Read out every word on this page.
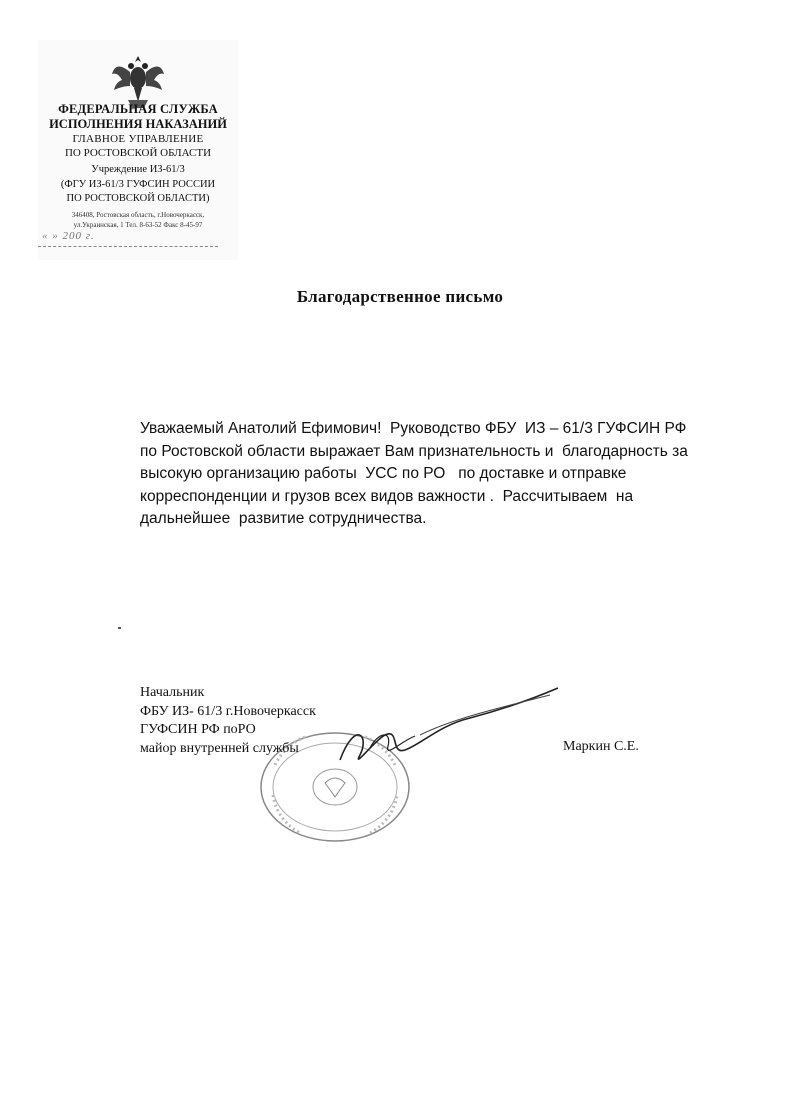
ФЕДЕРАЛЬНАЯ СЛУЖБА
ИСПОЛНЕНИЯ НАКАЗАНИЙ
ГЛАВНОЕ УПРАВЛЕНИЕ
ПО РОСТОВСКОЙ ОБЛАСТИ
Учреждение ИЗ-61/3
(ФГУ ИЗ-61/3 ГУФСИН РОССИИ
ПО РОСТОВСКОЙ ОБЛАСТИ)
346408, Ростовская область, г.Новочеркасск,
ул.Украинская, 1 Тел. 8-63-52 Факс 8-45-97
« » 200 г.
Благодарственное письмо
Уважаемый Анатолий Ефимович!  Руководство ФБУ  ИЗ – 61/3 ГУФСИН РФ
по Ростовской области выражает Вам признательность и  благодарность за
высокую организацию работы  УСС по РО   по доставке и отправке
корреспонденции и грузов всех видов важности .  Рассчитываем  на
дальнейшее  развитие сотрудничества.
Начальник
ФБУ ИЗ- 61/3 г.Новочеркасск
ГУФСИН РФ поРО
майор внутренней службы	Маркин С.Е.
